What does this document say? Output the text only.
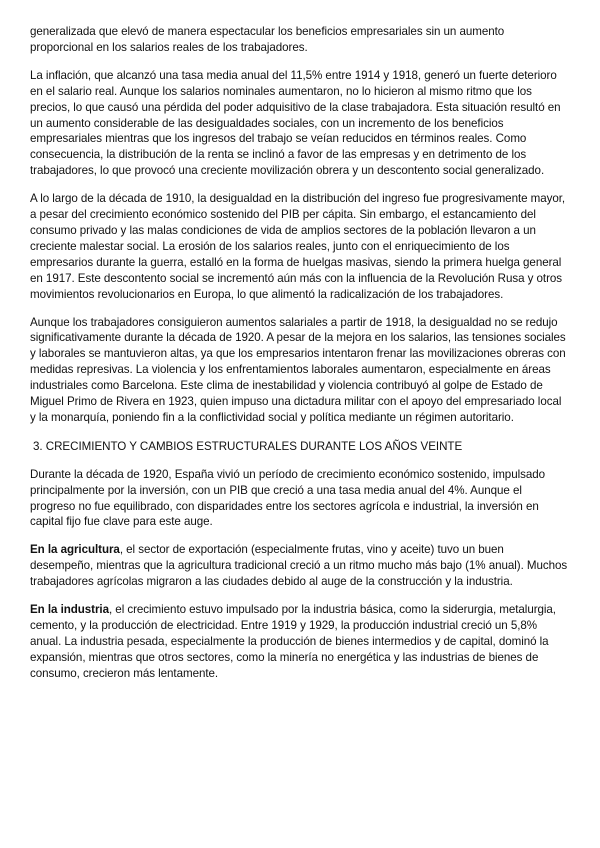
generalizada que elevó de manera espectacular los beneficios empresariales sin un aumento proporcional en los salarios reales de los trabajadores.

La inflación, que alcanzó una tasa media anual del 11,5% entre 1914 y 1918, generó un fuerte deterioro en el salario real. Aunque los salarios nominales aumentaron, no lo hicieron al mismo ritmo que los precios, lo que causó una pérdida del poder adquisitivo de la clase trabajadora. Esta situación resultó en un aumento considerable de las desigualdades sociales, con un incremento de los beneficios empresariales mientras que los ingresos del trabajo se veían reducidos en términos reales. Como consecuencia, la distribución de la renta se inclinó a favor de las empresas y en detrimento de los trabajadores, lo que provocó una creciente movilización obrera y un descontento social generalizado.

A lo largo de la década de 1910, la desigualdad en la distribución del ingreso fue progresivamente mayor, a pesar del crecimiento económico sostenido del PIB per cápita. Sin embargo, el estancamiento del consumo privado y las malas condiciones de vida de amplios sectores de la población llevaron a un creciente malestar social. La erosión de los salarios reales, junto con el enriquecimiento de los empresarios durante la guerra, estalló en la forma de huelgas masivas, siendo la primera huelga general en 1917. Este descontento social se incrementó aún más con la influencia de la Revolución Rusa y otros movimientos revolucionarios en Europa, lo que alimentó la radicalización de los trabajadores.

Aunque los trabajadores consiguieron aumentos salariales a partir de 1918, la desigualdad no se redujo significativamente durante la década de 1920. A pesar de la mejora en los salarios, las tensiones sociales y laborales se mantuvieron altas, ya que los empresarios intentaron frenar las movilizaciones obreras con medidas represivas. La violencia y los enfrentamientos laborales aumentaron, especialmente en áreas industriales como Barcelona. Este clima de inestabilidad y violencia contribuyó al golpe de Estado de Miguel Primo de Rivera en 1923, quien impuso una dictadura militar con el apoyo del empresariado local y la monarquía, poniendo fin a la conflictividad social y política mediante un régimen autoritario.

3. CRECIMIENTO Y CAMBIOS ESTRUCTURALES DURANTE LOS AÑOS VEINTE

Durante la década de 1920, España vivió un período de crecimiento económico sostenido, impulsado principalmente por la inversión, con un PIB que creció a una tasa media anual del 4%. Aunque el progreso no fue equilibrado, con disparidades entre los sectores agrícola e industrial, la inversión en capital fijo fue clave para este auge.

En la agricultura, el sector de exportación (especialmente frutas, vino y aceite) tuvo un buen desempeño, mientras que la agricultura tradicional creció a un ritmo mucho más bajo (1% anual). Muchos trabajadores agrícolas migraron a las ciudades debido al auge de la construcción y la industria.

En la industria, el crecimiento estuvo impulsado por la industria básica, como la siderurgia, metalurgia, cemento, y la producción de electricidad. Entre 1919 y 1929, la producción industrial creció un 5,8% anual. La industria pesada, especialmente la producción de bienes intermedios y de capital, dominó la expansión, mientras que otros sectores, como la minería no energética y las industrias de bienes de consumo, crecieron más lentamente.
